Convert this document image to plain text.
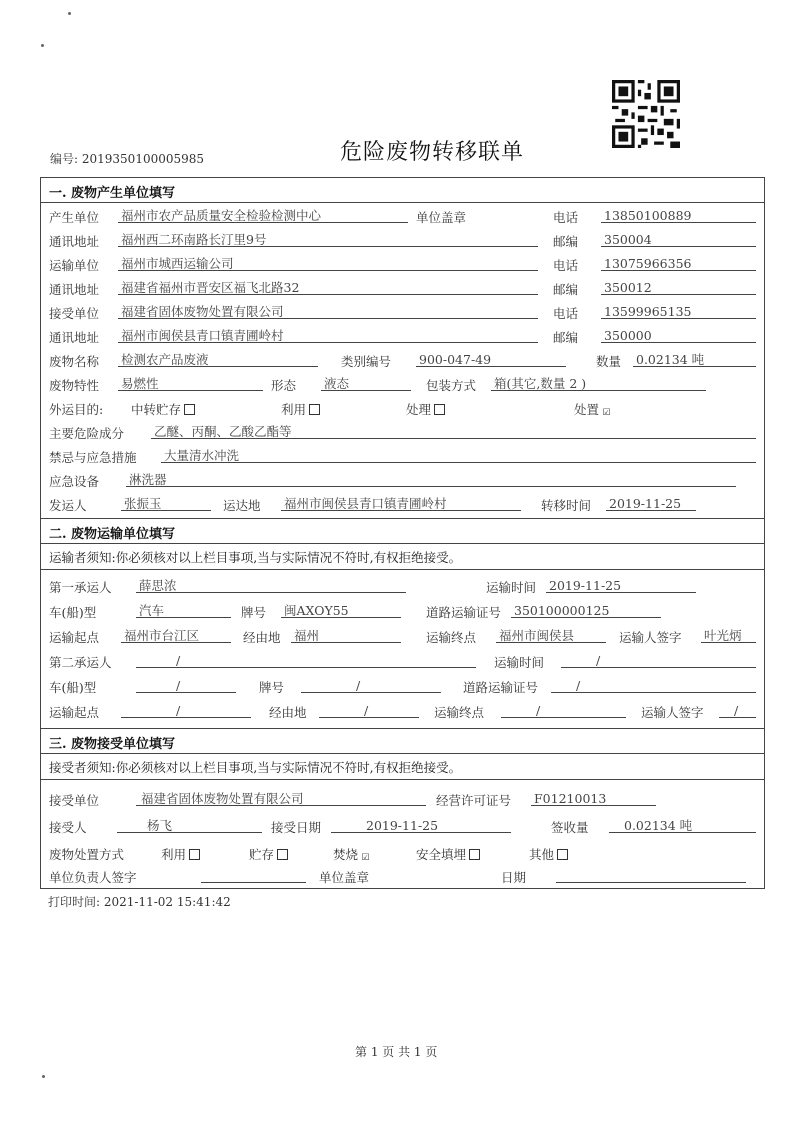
编号: 2019350100005985	危险废物转移联单
一. 废物产生单位填写
产生单位 福州市农产品质量安全检验检测中心	单位盖章	电话 13850100889
通讯地址 福州西二环南路长汀里9号	邮编 350004
运输单位 福州市城西运输公司	电话 13075966356
通讯地址 福建省福州市晋安区福飞北路32	邮编 350012
接受单位 福建省固体废物处置有限公司	电话 13599965135
通讯地址 福州市闽侯县青口镇青圃岭村	邮编 350000
废物名称 检测农产品废液	类别编号 900-047-49	数量 0.02134 吨
废物特性 易燃性	形态 液态	包装方式 箱(其它,数量 2 )
外运目的: 中转贮存	利用	处理	处置 ☑
主要危险成分 乙醚、丙酮、乙酸乙酯等
禁忌与应急措施 大量清水冲洗
应急设备 淋洗器
发运人	张振玉	运达地 福州市闽侯县青口镇青圃岭村	转移时间 2019-11-25
二. 废物运输单位填写
运输者须知:你必须核对以上栏目事项,当与实际情况不符时,有权拒绝接受。
第一承运人 薛思浓	运输时间 2019-11-25
车(船)型	汽车	牌号 闽AXOY55	道路运输证号 350100000125
运输起点 福州市台江区	经由地 福州	运输终点 福州市闽侯县	运输人签字 叶光炳
第二承运人	/	运输时间	/
车(船)型	/	牌号	/	道路运输证号	/
运输起点	/	经由地	/	运输终点	/	运输人签字	/
三. 废物接受单位填写
接受者须知:你必须核对以上栏目事项,当与实际情况不符时,有权拒绝接受。
接受单位	福建省固体废物处置有限公司	经营许可证号 F01210013
接受人	杨飞	接受日期	2019-11-25	签收量	0.02134 吨
废物处置方式	利用	贮存	焚烧 ☑	安全填埋	其他
单位负责人签字	单位盖章	日期
打印时间: 2021-11-02 15:41:42
第 1 页 共 1 页
